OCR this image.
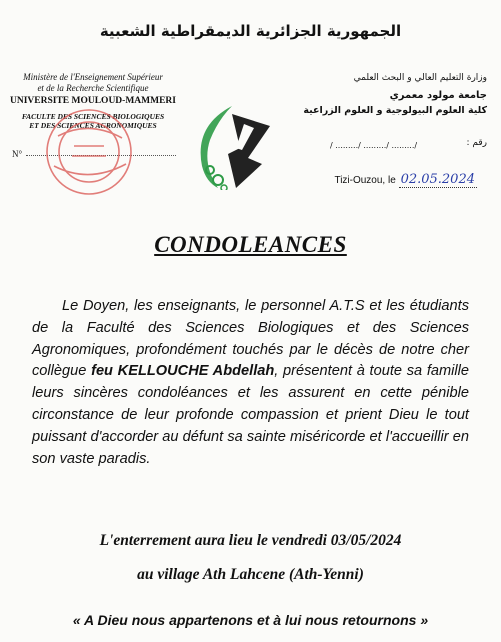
الجمهورية الجزائرية الديمقراطية الشعبية
Ministère de l'Enseignement Supérieur
et de la Recherche Scientifique
UNIVERSITE MOULOUD-MAMMERI
FACULTE DES SCIENCES BIOLOGIQUES
ET DES SCIENCES AGRONOMIQUES
N°
وزارة التعليم العالي و البحث العلمي
جامعة مولود معمري
كلية العلوم البيولوجية و العلوم الزراعية
رقم :
/ ........./ ........./ ........./
Tizi-Ouzou, le 02.05.2024
CONDOLEANCES
Le Doyen, les enseignants, le personnel A.T.S et les étudiants de la Faculté des Sciences Biologiques et des Sciences Agronomiques, profondément touchés par le décès de notre cher collègue feu KELLOUCHE Abdellah, présentent à toute sa famille leurs sincères condoléances et les assurent en cette pénible circonstance de leur profonde compassion et prient Dieu le tout puissant d'accorder au défunt sa sainte miséricorde et l'accueillir en son vaste paradis.
L'enterrement aura lieu le vendredi 03/05/2024
au village Ath Lahcene (Ath-Yenni)
« A Dieu nous appartenons et à lui nous retournons »
